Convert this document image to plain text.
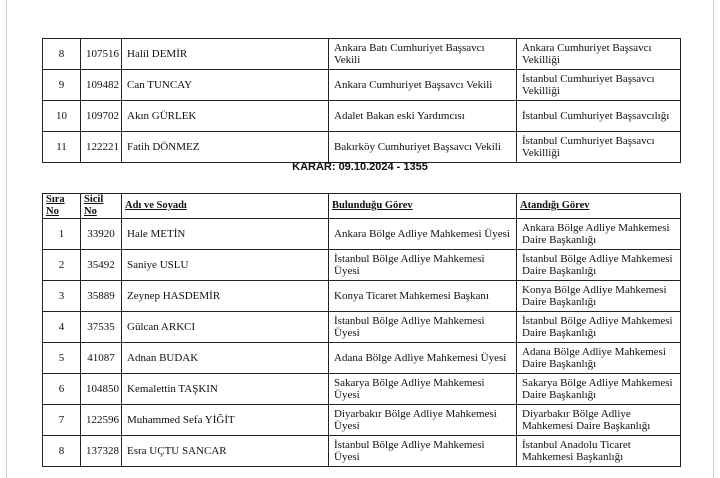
8	107516	Halil DEMİR	Ankara Batı Cumhuriyet Başsavcı Vekili	Ankara Cumhuriyet Başsavcı Vekilliği
9	109482	Can TUNCAY	Ankara Cumhuriyet Başsavcı Vekili	İstanbul Cumhuriyet Başsavcı Vekilliği
10	109702	Akın GÜRLEK	Adalet Bakan eski Yardımcısı	İstanbul Cumhuriyet Başsavcılığı
11	122221	Fatih DÖNMEZ	Bakırköy Cumhuriyet Başsavcı Vekili	İstanbul Cumhuriyet Başsavcı Vekilliği
KARAR: 09.10.2024 - 1355
Sıra No	Sicil No	Adı ve Soyadı	Bulunduğu Görev	Atandığı Görev
1	33920	Hale METİN	Ankara Bölge Adliye Mahkemesi Üyesi	Ankara Bölge Adliye Mahkemesi Daire Başkanlığı
2	35492	Saniye USLU	İstanbul Bölge Adliye Mahkemesi Üyesi	İstanbul Bölge Adliye Mahkemesi Daire Başkanlığı
3	35889	Zeynep HASDEMİR	Konya Ticaret Mahkemesi Başkanı	Konya Bölge Adliye Mahkemesi Daire Başkanlığı
4	37535	Gülcan ARKCI	İstanbul Bölge Adliye Mahkemesi Üyesi	İstanbul Bölge Adliye Mahkemesi Daire Başkanlığı
5	41087	Adnan BUDAK	Adana Bölge Adliye Mahkemesi Üyesi	Adana Bölge Adliye Mahkemesi Daire Başkanlığı
6	104850	Kemalettin TAŞKIN	Sakarya Bölge Adliye Mahkemesi Üyesi	Sakarya Bölge Adliye Mahkemesi Daire Başkanlığı
7	122596	Muhammed Sefa YİĞİT	Diyarbakır Bölge Adliye Mahkemesi Üyesi	Diyarbakır Bölge Adliye Mahkemesi Daire Başkanlığı
8	137328	Esra UÇTU SANCAR	İstanbul Bölge Adliye Mahkemesi Üyesi	İstanbul Anadolu Ticaret Mahkemesi Başkanlığı
